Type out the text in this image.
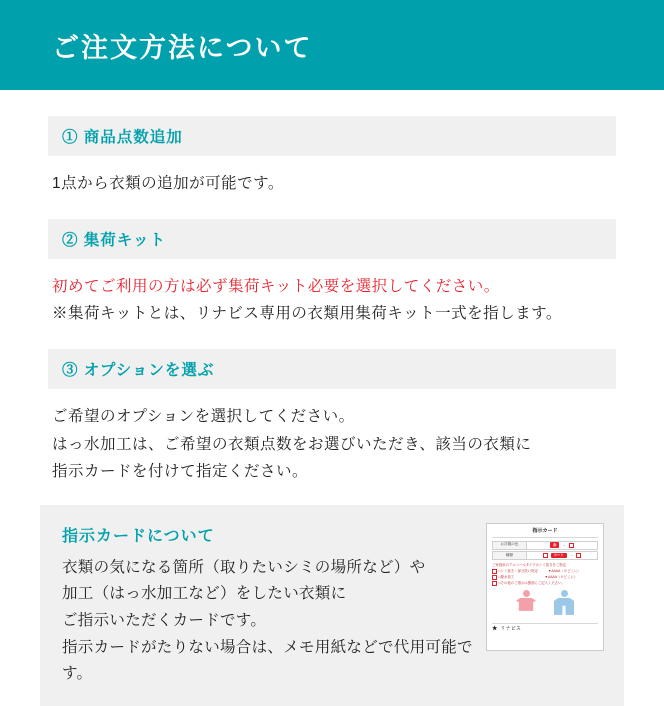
ご注文方法について
① 商品点数追加

1点から衣類の追加が可能です。

② 集荷キット

初めてご利用の方は必ず集荷キット必要を選択してください。
※集荷キットとは、リナビス専用の衣類用集荷キット一式を指します。

③ オプションを選ぶ

ご希望のオプションを選択してください。
はっ水加工は、ご希望の衣類点数をお選びいただき、該当の衣類に
指示カードを付けて指定ください。

指示カードについて
衣類の気になる箇所（取りたいシミの場所など）や
加工（はっ水加工など）をしたい衣類に
ご指示いただくカードです。
指示カードがたりない場合は、メモ用紙などで代用可能です。
指示カード
お洋服の色	赤	→
種類	コート	→
ご家庭用のアルコールタイプのシミ抜きをご指定
□シミ抜き・部分洗い指定　　　▼AAAA（※どこに）
□撥水加工　　　　　　　　　▼AAAA（※どこに）
□その他のご指示は裏面にご記入ください。
★ リナビス
